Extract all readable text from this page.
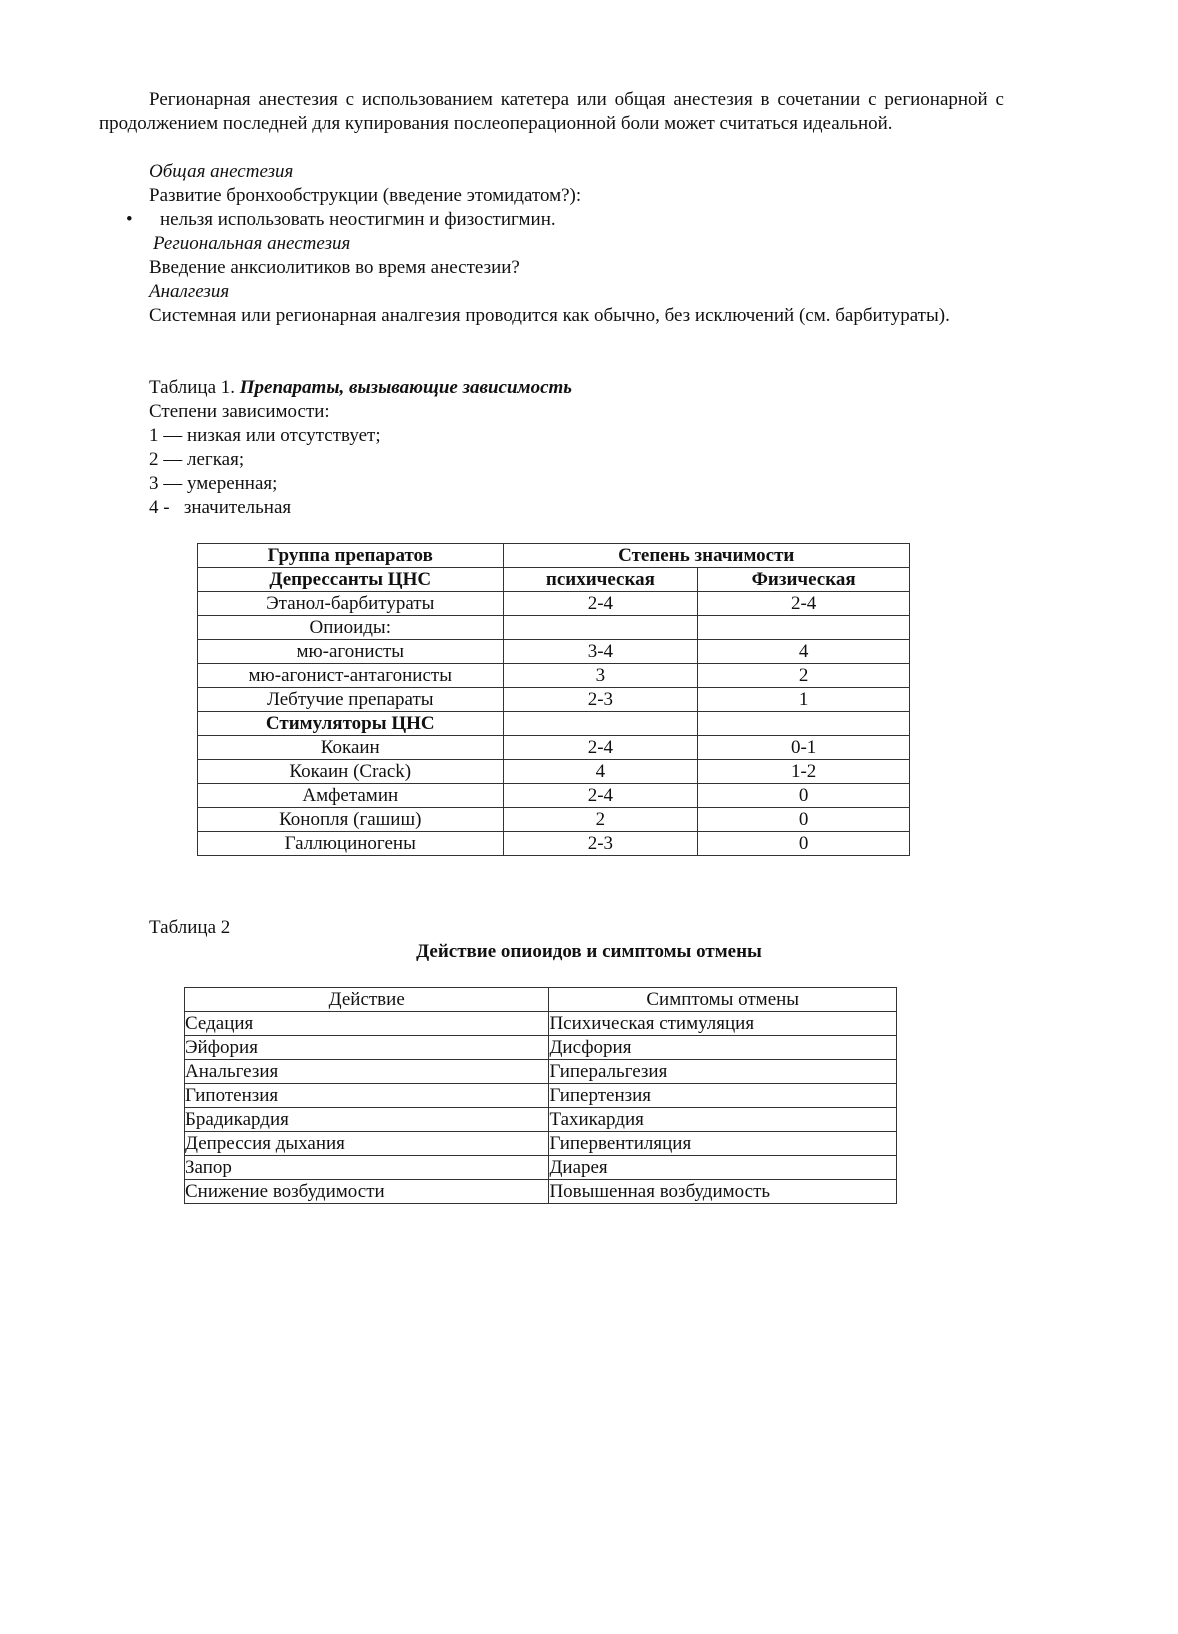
Регионарная анестезия с использованием катетера или общая анестезия в сочетании с регионарной с продолжением последней для купирования послеоперационной боли может считаться идеальной.

Общая анестезия
Развитие бронхообструкции (введение этомидатом?):
• нельзя использовать неостигмин и физостигмин.
Региональная анестезия
Введение анксиолитиков во время анестезии?
Аналгезия

Системная или регионарная аналгезия проводится как обычно, без исключений (см. барбитураты).

Таблица 1. Препараты, вызывающие зависимость
Степени зависимости:
1 — низкая или отсутствует;
2 — легкая;
3 — умеренная;
4 -   значительная
Группа препаратов	Степень значимости	
Депрессанты ЦНС	психическая	Физическая
Этанол-барбитураты	2-4	2-4
Опиоиды:		
мю-агонисты	3-4	4
мю-агонист-антагонисты	3	2
Лебтучие препараты	2-3	1
Стимуляторы ЦНС		
Кокаин	2-4	0-1
Кокаин (Crack)	4	1-2
Амфетамин	2-4	0
Конопля (гашиш)	2	0
Галлюциногены	2-3	0
Таблица 2
Действие опиоидов и симптомы отмены
Действие	Симптомы отмены
Седация	Психическая стимуляция
Эйфория	Дисфория
Анальгезия	Гиперальгезия
Гипотензия	Гипертензия
Брадикардия	Тахикардия
Депрессия дыхания	Гипервентиляция
Запор	Диарея
Снижение возбудимости	Повышенная возбудимость
